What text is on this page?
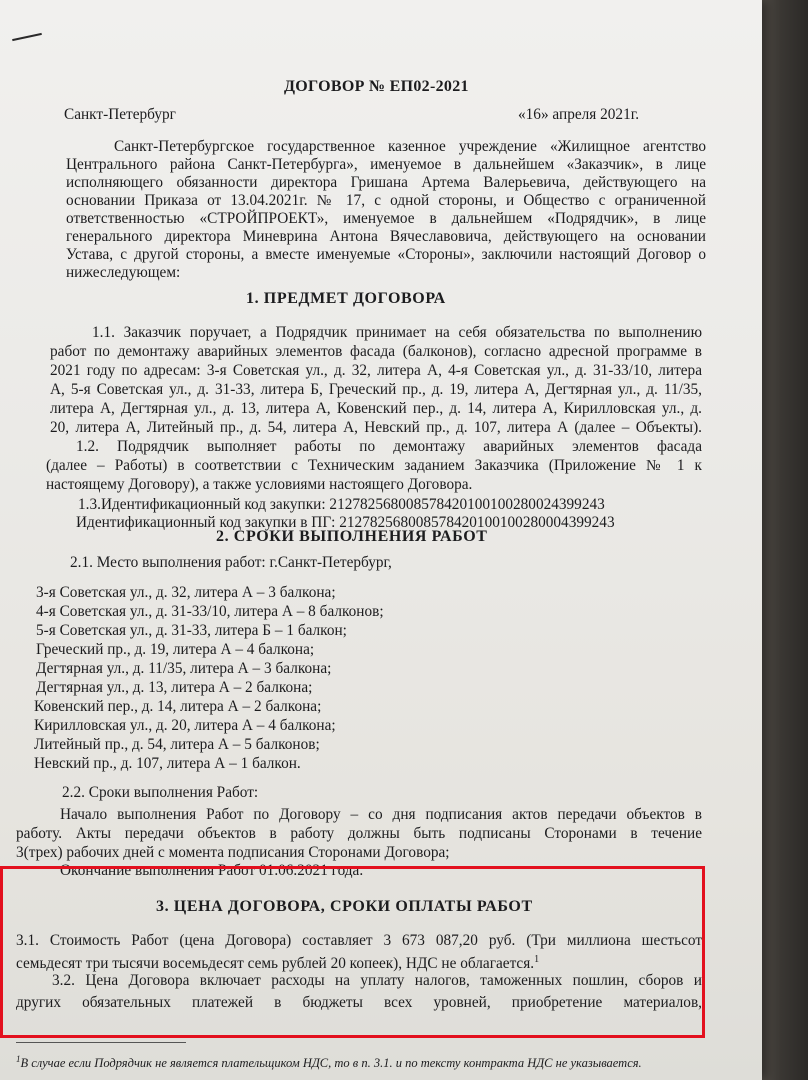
ДОГОВОР № ЕП02-2021
Санкт-Петербург	«16» апреля 2021г.
Санкт-Петербургское государственное казенное учреждение «Жилищное агентство
Центрального района Санкт-Петербурга», именуемое в дальнейшем «Заказчик», в лице
исполняющего обязанности директора Гришана Артема Валерьевича, действующего на
основании Приказа от 13.04.2021г. № 17, с одной стороны, и Общество с ограниченной
ответственностью «СТРОЙПРОЕКТ», именуемое в дальнейшем «Подрядчик», в лице
генерального директора Миневрина Антона Вячеславовича, действующего на основании
Устава, с другой стороны, а вместе именуемые «Стороны», заключили настоящий Договор о
нижеследующем:
1. ПРЕДМЕТ ДОГОВОРА
1.1. Заказчик поручает, а Подрядчик принимает на себя обязательства по выполнению
работ по демонтажу аварийных элементов фасада (балконов), согласно адресной программе в
2021 году по адресам: 3-я Советская ул., д. 32, литера А, 4-я Советская ул., д. 31-33/10, литера
А, 5-я Советская ул., д. 31-33, литера Б, Греческий пр., д. 19, литера А, Дегтярная ул., д. 11/35,
литера А, Дегтярная ул., д. 13, литера А, Ковенский пер., д. 14, литера А, Кирилловская ул., д.
20, литера А, Литейный пр., д. 54, литера А, Невский пр., д. 107, литера А (далее – Объекты).
1.2. Подрядчик выполняет работы по демонтажу аварийных элементов фасада
(далее – Работы) в соответствии с Техническим заданием Заказчика (Приложение № 1 к
настоящему Договору), а также условиями настоящего Договора.
1.3.Идентификационный код закупки: 212782568008578420100100280024399243
Идентификационный код закупки в ПГ: 212782568008578420100100280004399243
2. СРОКИ ВЫПОЛНЕНИЯ РАБОТ
2.1. Место выполнения работ: г.Санкт-Петербург,
3-я Советская ул., д. 32, литера А – 3 балкона;
4-я Советская ул., д. 31-33/10, литера А – 8 балконов;
5-я Советская ул., д. 31-33, литера Б – 1 балкон;
Греческий пр., д. 19, литера А – 4 балкона;
Дегтярная ул., д. 11/35, литера А – 3 балкона;
Дегтярная ул., д. 13, литера А – 2 балкона;
Ковенский пер., д. 14, литера А – 2 балкона;
Кирилловская ул., д. 20, литера А – 4 балкона;
Литейный пр., д. 54, литера А – 5 балконов;
Невский пр., д. 107, литера А – 1 балкон.
2.2. Сроки выполнения Работ:
Начало выполнения Работ по Договору – со дня подписания актов передачи объектов в
работу. Акты передачи объектов в работу должны быть подписаны Сторонами в течение
3(трех) рабочих дней с момента подписания Сторонами Договора;
Окончание выполнения Работ 01.06.2021 года.
3. ЦЕНА ДОГОВОРА, СРОКИ ОПЛАТЫ РАБОТ
3.1. Стоимость Работ (цена Договора) составляет 3 673 087,20 руб. (Три миллиона шестьсот
семьдесят три тысячи восемьдесят семь рублей 20 копеек), НДС не облагается.$^1$
3.2. Цена Договора включает расходы на уплату налогов, таможенных пошлин, сборов и
других обязательных платежей в бюджеты всех уровней, приобретение материалов,
$^1$В случае если Подрядчик не является плательщиком НДС, то в п. 3.1. и по тексту контракта НДС не указывается.
